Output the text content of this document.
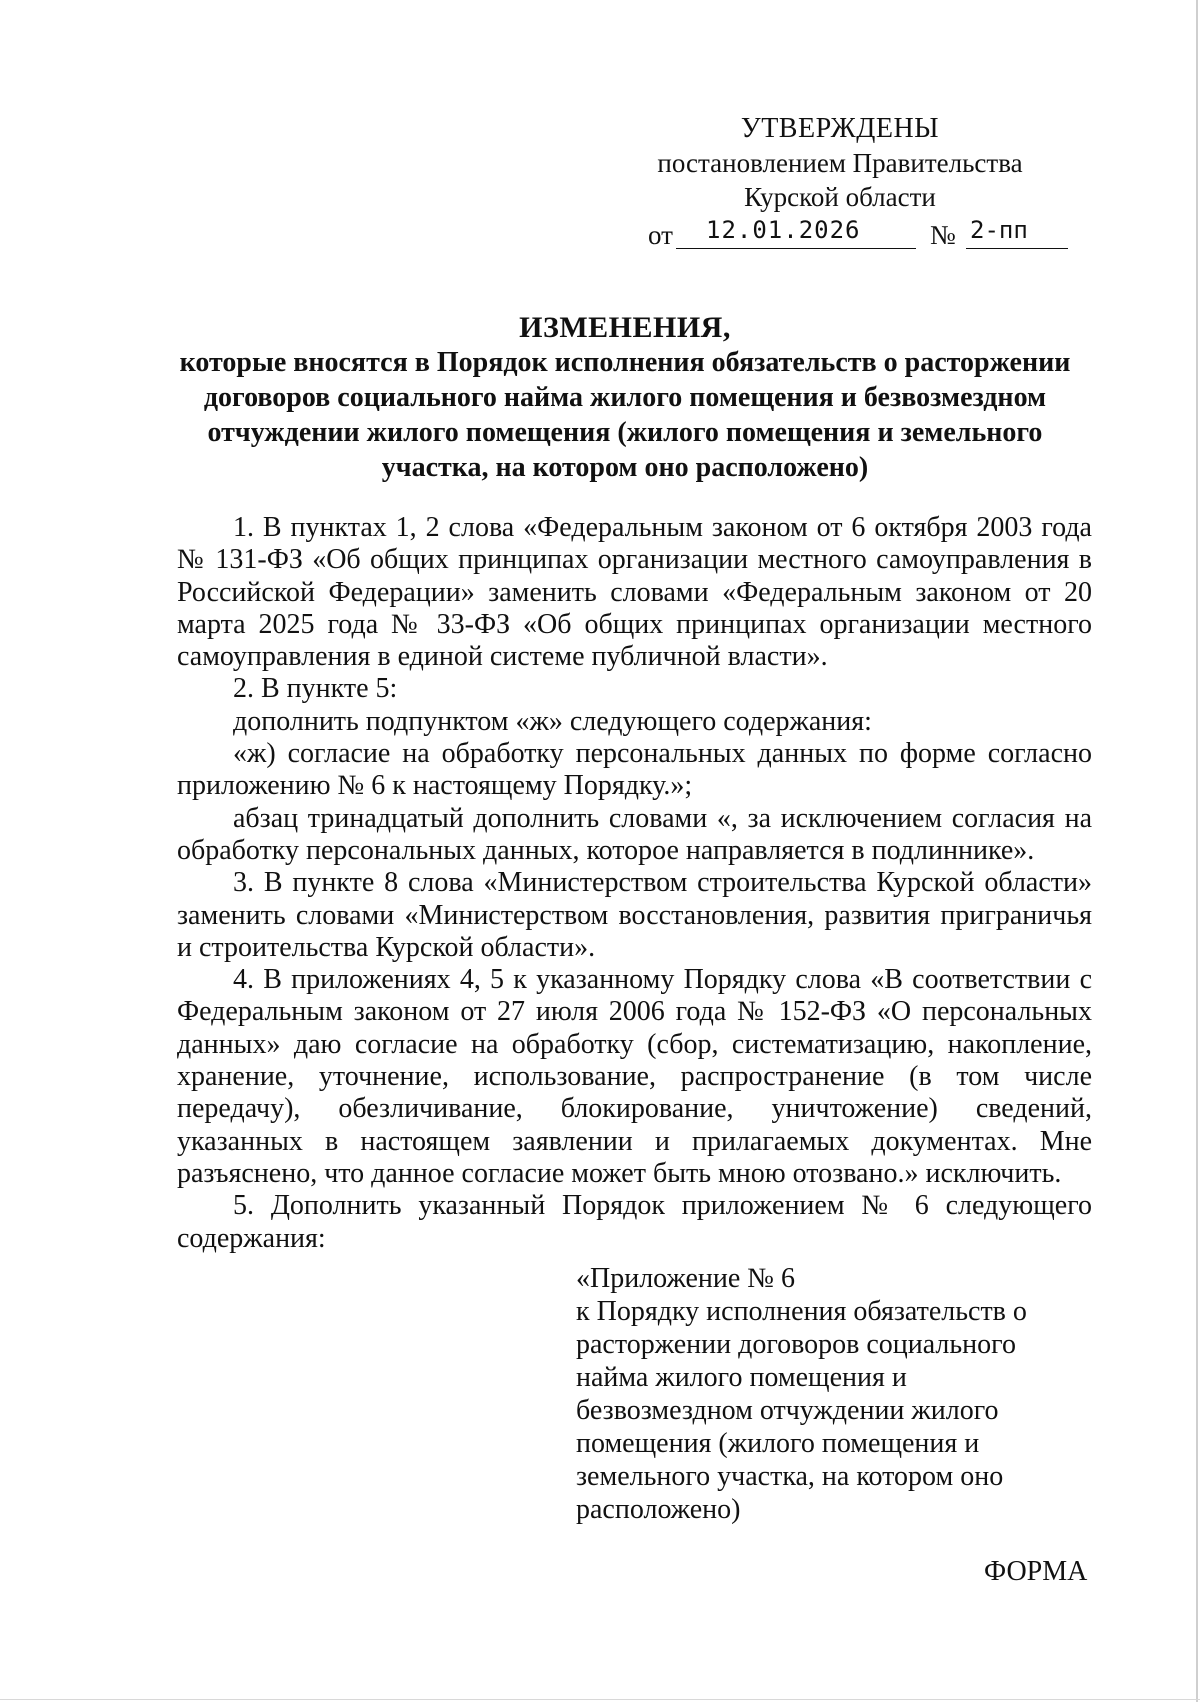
УТВЕРЖДЕНЫ

постановлением Правительства

Курской области

от 12.01.2026	№ 2-пп

ИЗМЕНЕНИЯ,

которые вносятся в Порядок исполнения обязательств о расторжении договоров социального найма жилого помещения и безвозмездном отчуждении жилого помещения (жилого помещения и земельного участка, на котором оно расположено)

1. В пунктах 1, 2 слова «Федеральным законом от 6 октября 2003 года № 131-ФЗ «Об общих принципах организации местного самоуправления в Российской Федерации» заменить словами «Федеральным законом от 20 марта 2025 года № 33-ФЗ «Об общих принципах организации местного самоуправления в единой системе публичной власти».

2. В пункте 5:

дополнить подпунктом «ж» следующего содержания:

«ж) согласие на обработку персональных данных по форме согласно приложению № 6 к настоящему Порядку.»;

абзац тринадцатый дополнить словами «, за исключением согласия на обработку персональных данных, которое направляется в подлиннике».

3. В пункте 8 слова «Министерством строительства Курской области» заменить словами «Министерством восстановления, развития приграничья и строительства Курской области».

4. В приложениях 4, 5 к указанному Порядку слова «В соответствии с Федеральным законом от 27 июля 2006 года № 152-ФЗ «О персональных данных» даю согласие на обработку (сбор, систематизацию, накопление, хранение, уточнение, использование, распространение (в том числе передачу), обезличивание, блокирование, уничтожение) сведений, указанных в настоящем заявлении и прилагаемых документах. Мне разъяснено, что данное согласие может быть мною отозвано.» исключить.

5. Дополнить указанный Порядок приложением № 6 следующего содержания:

«Приложение № 6

к Порядку исполнения обязательств о расторжении договоров социального найма жилого помещения и безвозмездном отчуждении жилого помещения (жилого помещения и земельного участка, на котором оно расположено)

ФОРМА
